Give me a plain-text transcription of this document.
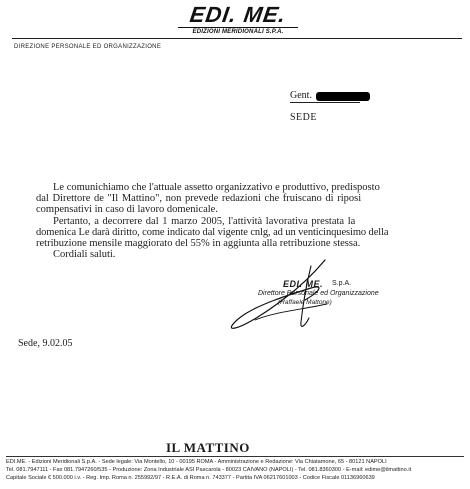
EDI. ME.
EDIZIONI MERIDIONALI S.P.A.
DIREZIONE PERSONALE ED ORGANIZZAZIONE
Gent.
SEDE
Le comunichiamo che l'attuale assetto organizzativo e produttivo, predisposto
dal Direttore de "Il Mattino", non prevede redazioni che fruiscano di riposi
compensativi in caso di lavoro domenicale.
Pertanto, a decorrere dal 1 marzo 2005, l'attività lavorativa prestata la
domenica Le darà diritto, come indicato dal vigente cnlg, ad un venticinquesimo della
retribuzione mensile maggiorato del 55% in aggiunta alla retribuzione stessa.
Cordiali saluti.
EDI. ME. S.p.A.
Direttore Personale ed Organizzazione
(Raffaele Mattone)
Sede, 9.02.05
IL MATTINO
EDI.ME. - Edizioni Meridionali S.p.A. - Sede legale: Via Montello, 10 - 00195 ROMA - Amministrazione e Redazione: Via Chiatamone, 65 - 80121 NAPOLI
Tel. 081.7947111 - Fax 081.7947260/535 - Produzione: Zona Industriale ASI Pascarola - 80023 CAIVANO (NAPOLI) - Tel. 081.8360300 - E-mail: edime@ilmattino.it
Capitale Sociale € 500.000 i.v. - Reg. Imp. Roma n. 255992/97 - R.E.A. di Roma n. 743377 - Partita IVA 06217601003 - Codice Fiscale 01136960639
